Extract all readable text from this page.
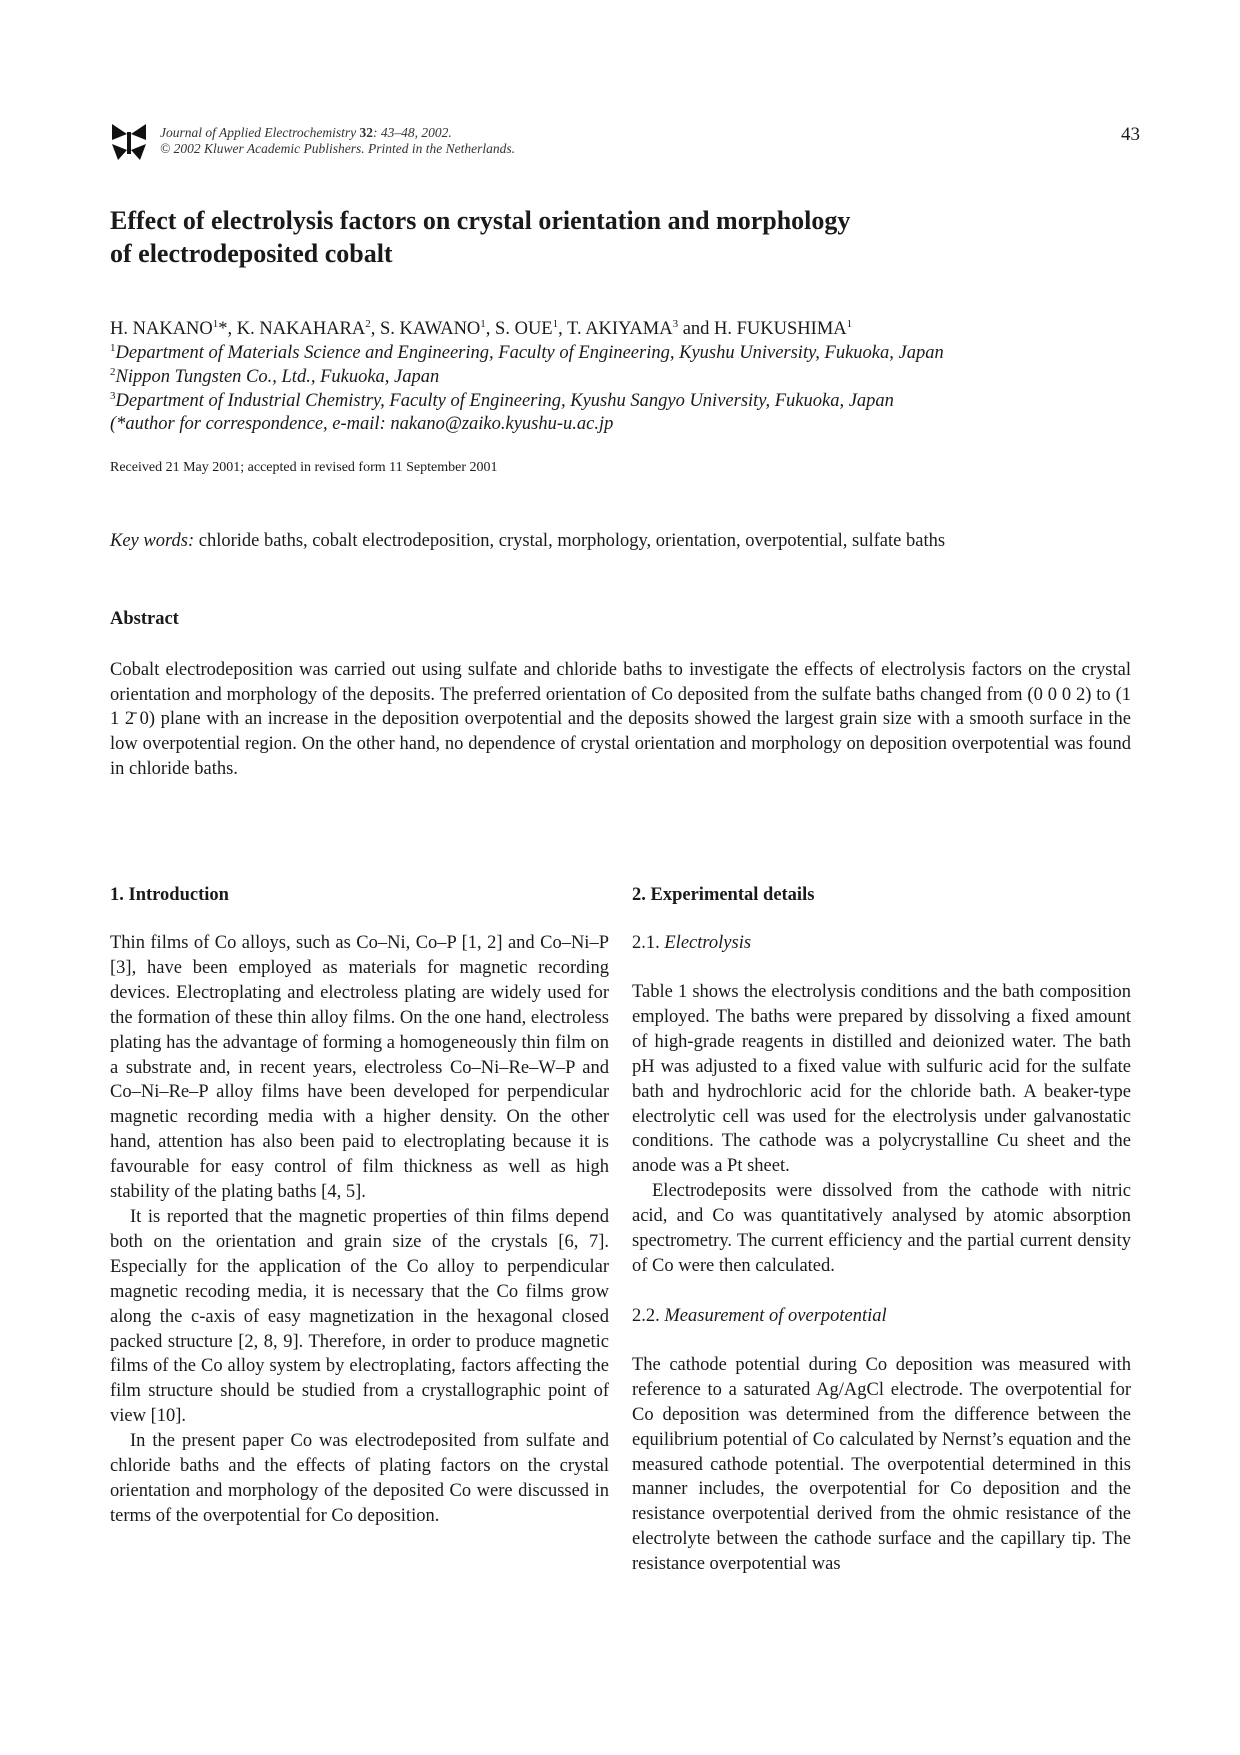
Journal of Applied Electrochemistry 32: 43–48, 2002.
© 2002 Kluwer Academic Publishers. Printed in the Netherlands.
43
Effect of electrolysis factors on crystal orientation and morphology
of electrodeposited cobalt
H. NAKANO$^1$*, K. NAKAHARA$^2$, S. KAWANO$^1$, S. OUE$^1$, T. AKIYAMA$^3$ and H. FUKUSHIMA$^1$
$^1$Department of Materials Science and Engineering, Faculty of Engineering, Kyushu University, Fukuoka, Japan
$^2$Nippon Tungsten Co., Ltd., Fukuoka, Japan
$^3$Department of Industrial Chemistry, Faculty of Engineering, Kyushu Sangyo University, Fukuoka, Japan
(*author for correspondence, e-mail: nakano@zaiko.kyushu-u.ac.jp
Received 21 May 2001; accepted in revised form 11 September 2001
Key words: chloride baths, cobalt electrodeposition, crystal, morphology, orientation, overpotential, sulfate baths
Abstract

Cobalt electrodeposition was carried out using sulfate and chloride baths to investigate the effects of electrolysis factors on the crystal orientation and morphology of the deposits. The preferred orientation of Co deposited from the sulfate baths changed from (0 0 0 2) to (1 1 2̄ 0) plane with an increase in the deposition overpotential and the deposits showed the largest grain size with a smooth surface in the low overpotential region. On the other hand, no dependence of crystal orientation and morphology on deposition overpotential was found in chloride baths.

1. Introduction

Thin films of Co alloys, such as Co–Ni, Co–P [1, 2] and Co–Ni–P [3], have been employed as materials for magnetic recording devices. Electroplating and electroless plating are widely used for the formation of these thin alloy films. On the one hand, electroless plating has the advantage of forming a homogeneously thin film on a substrate and, in recent years, electroless Co–Ni–Re–W–P and Co–Ni–Re–P alloy films have been developed for perpendicular magnetic recording media with a higher density. On the other hand, attention has also been paid to electroplating because it is favourable for easy control of film thickness as well as high stability of the plating baths [4, 5].

It is reported that the magnetic properties of thin films depend both on the orientation and grain size of the crystals [6, 7]. Especially for the application of the Co alloy to perpendicular magnetic recoding media, it is necessary that the Co films grow along the c-axis of easy magnetization in the hexagonal closed packed structure [2, 8, 9]. Therefore, in order to produce magnetic films of the Co alloy system by electroplating, factors affecting the film structure should be studied from a crystallographic point of view [10].

In the present paper Co was electrodeposited from sulfate and chloride baths and the effects of plating factors on the crystal orientation and morphology of the deposited Co were discussed in terms of the overpotential for Co deposition.

2. Experimental details
2.1. Electrolysis

Table 1 shows the electrolysis conditions and the bath composition employed. The baths were prepared by dissolving a fixed amount of high-grade reagents in distilled and deionized water. The bath pH was adjusted to a fixed value with sulfuric acid for the sulfate bath and hydrochloric acid for the chloride bath. A beaker-type electrolytic cell was used for the electrolysis under galvanostatic conditions. The cathode was a polycrystalline Cu sheet and the anode was a Pt sheet.

Electrodeposits were dissolved from the cathode with nitric acid, and Co was quantitatively analysed by atomic absorption spectrometry. The current efficiency and the partial current density of Co were then calculated.

2.2. Measurement of overpotential

The cathode potential during Co deposition was measured with reference to a saturated Ag/AgCl electrode. The overpotential for Co deposition was determined from the difference between the equilibrium potential of Co calculated by Nernst’s equation and the measured cathode potential. The overpotential determined in this manner includes, the overpotential for Co deposition and the resistance overpotential derived from the ohmic resistance of the electrolyte between the cathode surface and the capillary tip. The resistance overpotential was
